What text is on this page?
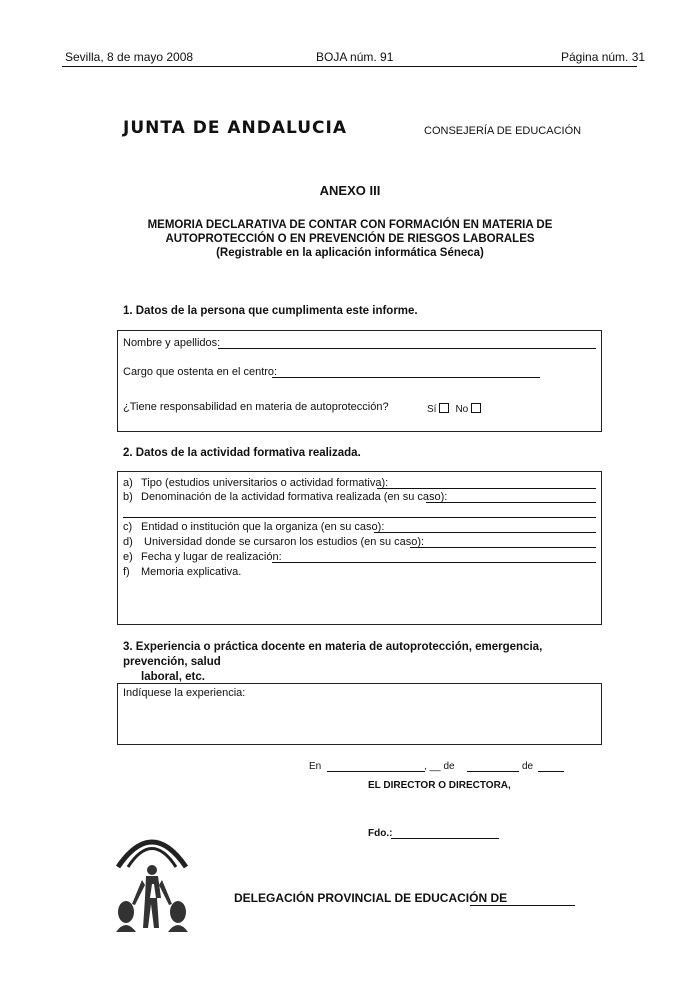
Sevilla, 8 de mayo 2008	BOJA núm. 91	Página núm. 31
JUNTA DE ANDALUCIA	CONSEJERÍA DE EDUCACIÓN
ANEXO III
MEMORIA DECLARATIVA DE CONTAR CON FORMACIÓN EN MATERIA DE
AUTOPROTECCIÓN O EN PREVENCIÓN DE RIESGOS LABORALES
(Registrable en la aplicación informática Séneca)
1. Datos de la persona que cumplimenta este informe.
Nombre y apellidos:
Cargo que ostenta en el centro:
¿Tiene responsabilidad en materia de autoprotección?	Sí No
2. Datos de la actividad formativa realizada.
a) Tipo (estudios universitarios o actividad formativa):
b) Denominación de la actividad formativa realizada (en su caso):
c) Entidad o institución que la organiza (en su caso):
d) Universidad donde se cursaron los estudios (en su caso):
e) Fecha y lugar de realización:
f) Memoria explicativa.
3. Experiencia o práctica docente en materia de autoprotección, emergencia, prevención, salud
laboral, etc.
Indíquese la experiencia:
En	, __ de	de
EL DIRECTOR O DIRECTORA,
Fdo.:
DELEGACIÓN PROVINCIAL DE EDUCACIÓN DE
